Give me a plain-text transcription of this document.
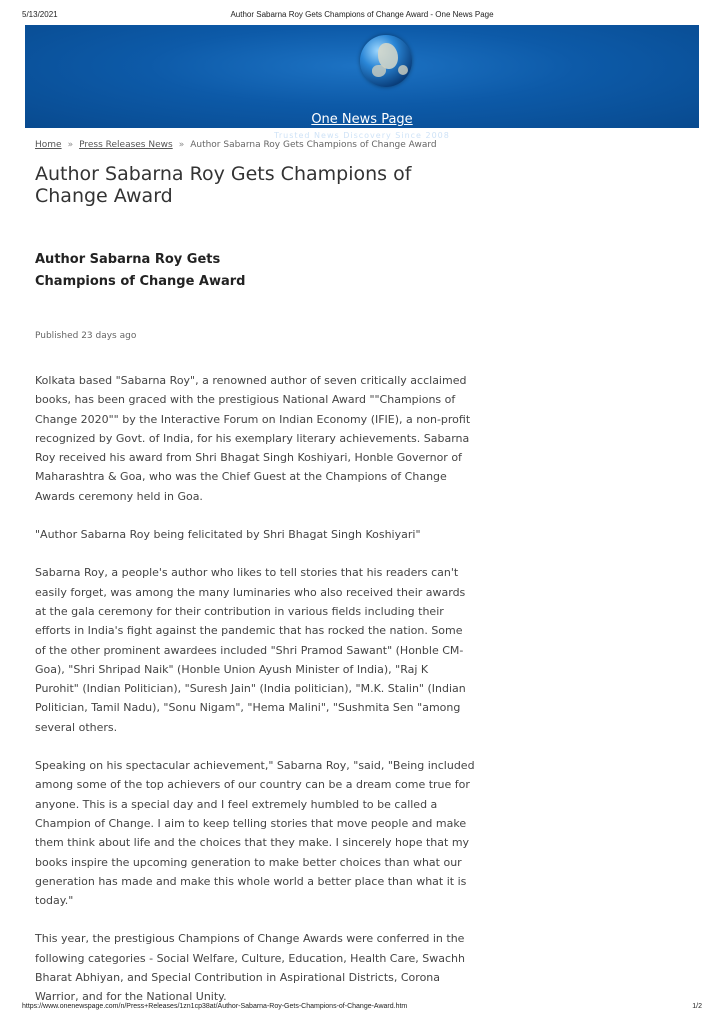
5/13/2021	Author Sabarna Roy Gets Champions of Change Award - One News Page
One News Page
Trusted News Discovery Since 2008
Home » Press Releases News » Author Sabarna Roy Gets Champions of Change Award
Author Sabarna Roy Gets Champions of Change Award
Author Sabarna Roy Gets
Champions of Change Award
Published 23 days ago

Kolkata based "Sabarna Roy", a renowned author of seven critically acclaimed books, has been graced with the prestigious National Award ""Champions of Change 2020"" by the Interactive Forum on Indian Economy (IFIE), a non-profit recognized by Govt. of India, for his exemplary literary achievements. Sabarna Roy received his award from Shri Bhagat Singh Koshiyari, Honble Governor of Maharashtra & Goa, who was the Chief Guest at the Champions of Change Awards ceremony held in Goa.

"Author Sabarna Roy being felicitated by Shri Bhagat Singh Koshiyari"

Sabarna Roy, a people's author who likes to tell stories that his readers can't easily forget, was among the many luminaries who also received their awards at the gala ceremony for their contribution in various fields including their efforts in India's fight against the pandemic that has rocked the nation. Some of the other prominent awardees included "Shri Pramod Sawant" (Honble CM-Goa), "Shri Shripad Naik" (Honble Union Ayush Minister of India), "Raj K Purohit" (Indian Politician), "Suresh Jain" (India politician), "M.K. Stalin" (Indian Politician, Tamil Nadu), "Sonu Nigam", "Hema Malini", "Sushmita Sen "among several others.

Speaking on his spectacular achievement," Sabarna Roy, "said, "Being included among some of the top achievers of our country can be a dream come true for anyone. This is a special day and I feel extremely humbled to be called a Champion of Change. I aim to keep telling stories that move people and make them think about life and the choices that they make. I sincerely hope that my books inspire the upcoming generation to make better choices than what our generation has made and make this whole world a better place than what it is today."

This year, the prestigious Champions of Change Awards were conferred in the following categories - Social Welfare, Culture, Education, Health Care, Swachh Bharat Abhiyan, and Special Contribution in Aspirational Districts, Corona Warrior, and for the National Unity.

https://www.onenewspage.com/n/Press+Releases/1zn1cp38at/Author-Sabarna-Roy-Gets-Champions-of-Change-Award.htm	1/2
